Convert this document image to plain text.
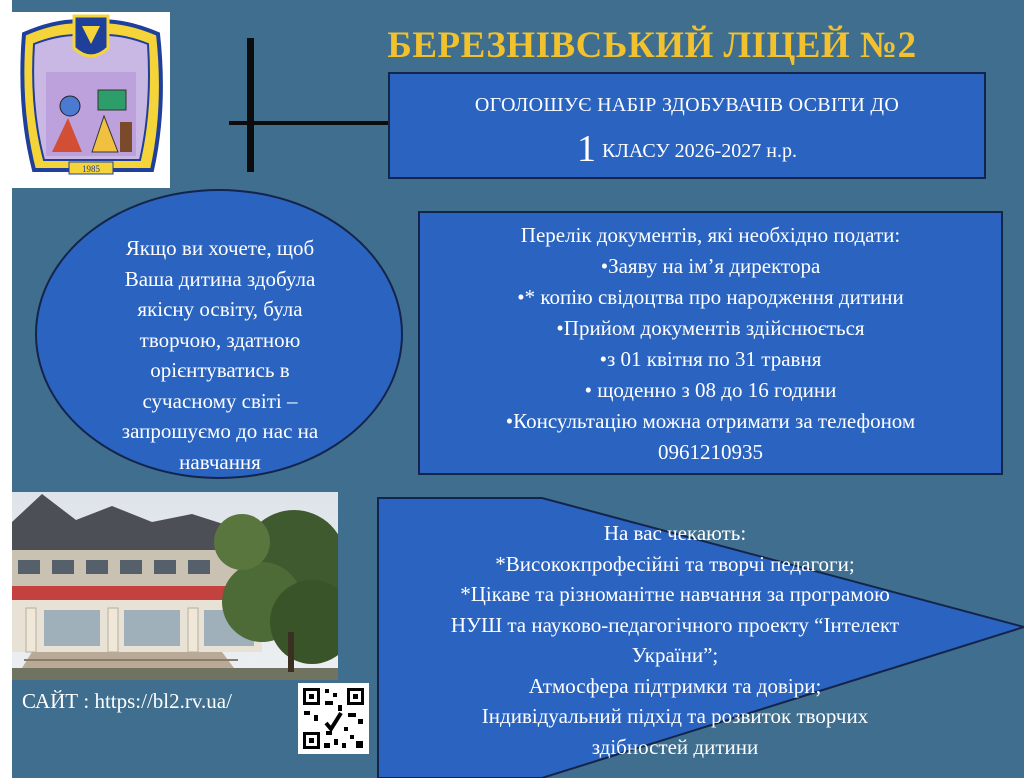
1985
БЕРЕЗНІВСЬКИЙ ЛІЦЕЙ №2
ОГОЛОШУЄ НАБІР ЗДОБУВАЧІВ ОСВІТИ ДО
1 КЛАСУ 2026-2027 н.р.
Перелік документів, які необхідно подати:
•Заяву на ім’я директора
•* копію свідоцтва про народження дитини
•Прийом документів здійснюється
•з 01 квітня по 31 травня
• щоденно з 08 до 16 години
•Консультацію можна отримати за телефоном
0961210935
Якщо ви хочете, щоб
Ваша дитина здобула
якісну освіту, була
творчою, здатною
орієнтуватись в
сучасному світі –
запрошуємо до нас на
навчання
САЙТ : https://bl2.rv.ua/
На вас чекають:
*Висококпрофесійні та творчі педагоги;
*Цікаве та різноманітне навчання за програмою
НУШ та науково-педагогічного проекту “Інтелект
України”;
Атмосфера підтримки та довіри;
Індивідуальний підхід та розвиток творчих
здібностей дитини
